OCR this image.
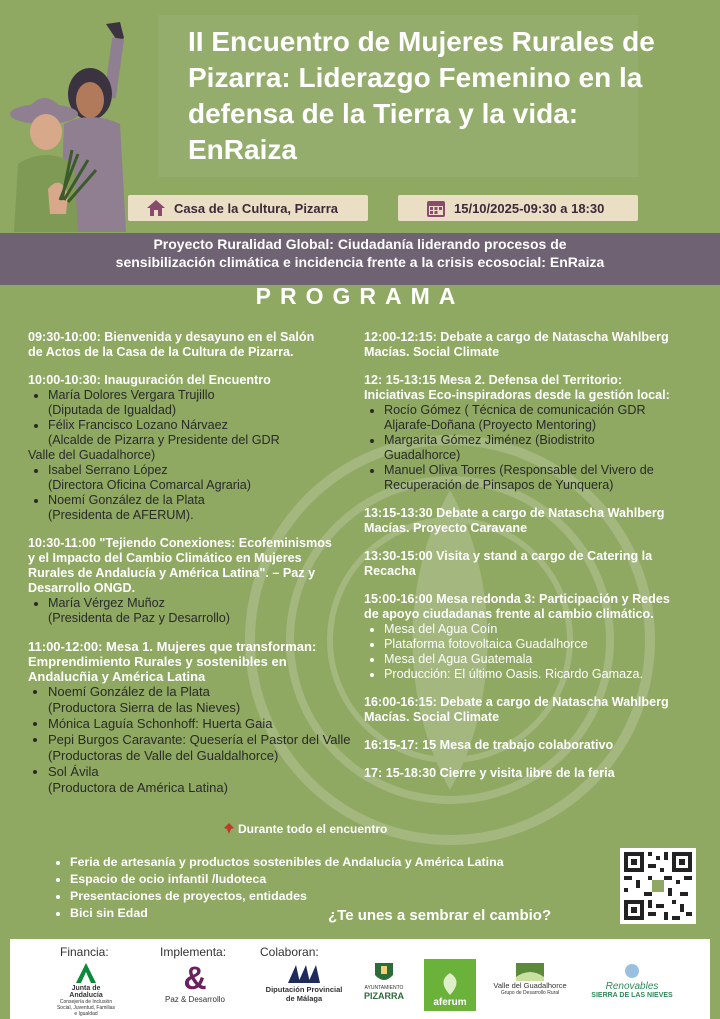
II Encuentro de Mujeres Rurales de Pizarra: Liderazgo Femenino en la defensa de la Tierra y la vida: EnRaiza
Casa de la Cultura, Pizarra	15/10/2025-09:30 a 18:30
Proyecto Ruralidad Global: Ciudadanía liderando procesos de
sensibilización climática e incidencia frente a la crisis ecosocial: EnRaiza
PROGRAMA
09:30-10:00: Bienvenida y desayuno en el Salón
de Actos de la Casa de la Cultura de Pizarra.
10:00-10:30: Inauguración del Encuentro
• María Dolores Vergara Trujillo
(Diputada de Igualdad)
• Félix Francisco Lozano Nárvaez
(Alcalde de Pizarra y Presidente del GDR
Valle del Guadalhorce)
• Isabel Serrano López
(Directora Oficina Comarcal Agraria)
• Noemí González de la Plata
(Presidenta de AFERUM).
10:30-11:00 "Tejiendo Conexiones: Ecofeminismos
y el Impacto del Cambio Climático en Mujeres
Rurales de Andalucía y América Latina". – Paz y
Desarrollo ONGD.
• María Vérgez Muñoz
(Presidenta de Paz y Desarrollo)
11:00-12:00: Mesa 1. Mujeres que transforman:
Emprendimiento Rurales y sostenibles en
Andalucñia y América Latina
• Noemí González de la Plata
(Productora Sierra de las Nieves)
• Mónica Laguía Schonhoff: Huerta Gaia
• Pepi Burgos Caravante: Quesería el Pastor del Valle
(Productoras de Valle del Gualdalhorce)
• Sol Ávila
(Productora de América Latina)
12:00-12:15: Debate a cargo de Natascha Wahlberg
Macías. Social Climate
12: 15-13:15 Mesa 2. Defensa del Territorio:
Iniciativas Eco-inspiradoras desde la gestión local:
• Rocío Gómez ( Técnica de comunicación GDR
Aljarafe-Doñana (Proyecto Mentoring)
• Margarita Gómez Jiménez (Biodistrito
Guadalhorce)
• Manuel Oliva Torres (Responsable del Vivero de
Recuperación de Pinsapos de Yunquera)
13:15-13:30 Debate a cargo de Natascha Wahlberg
Macías. Proyecto Caravane
13:30-15:00 Visita y stand a cargo de Catering la
Recacha
15:00-16:00 Mesa redonda 3: Participación y Redes
de apoyo ciudadanas frente al cambio climático.
• Mesa del Agua Coín
• Plataforma fotovoltaica Guadalhorce
• Mesa del Agua Guatemala
• Producción: El último Oasis. Ricardo Gamaza.
16:00-16:15: Debate a cargo de Natascha Wahlberg
Macías. Social Climate
16:15-17: 15 Mesa de trabajo colaborativo
17: 15-18:30 Cierre y visita libre de la feria
Durante todo el encuentro
• Feria de artesanía y productos sostenibles de Andalucía y América Latina
• Espacio de ocio infantil /ludoteca
• Presentaciones de proyectos, entidades
• Bici sin Edad	¿Te unes a sembrar el cambio?
Financia:	Implementa:	Colaboran:
Junta de Andalucía
Consejería de Inclusión Social, Juventud, Familias e Igualdad
&
Paz & Desarrollo
Diputación Provincial de Málaga
AYUNTAMIENTO
PIZARRA
aferum
Valle del Guadalhorce
Grupo de Desarrollo Rural
Renovables
SIERRA DE LAS NIEVES
